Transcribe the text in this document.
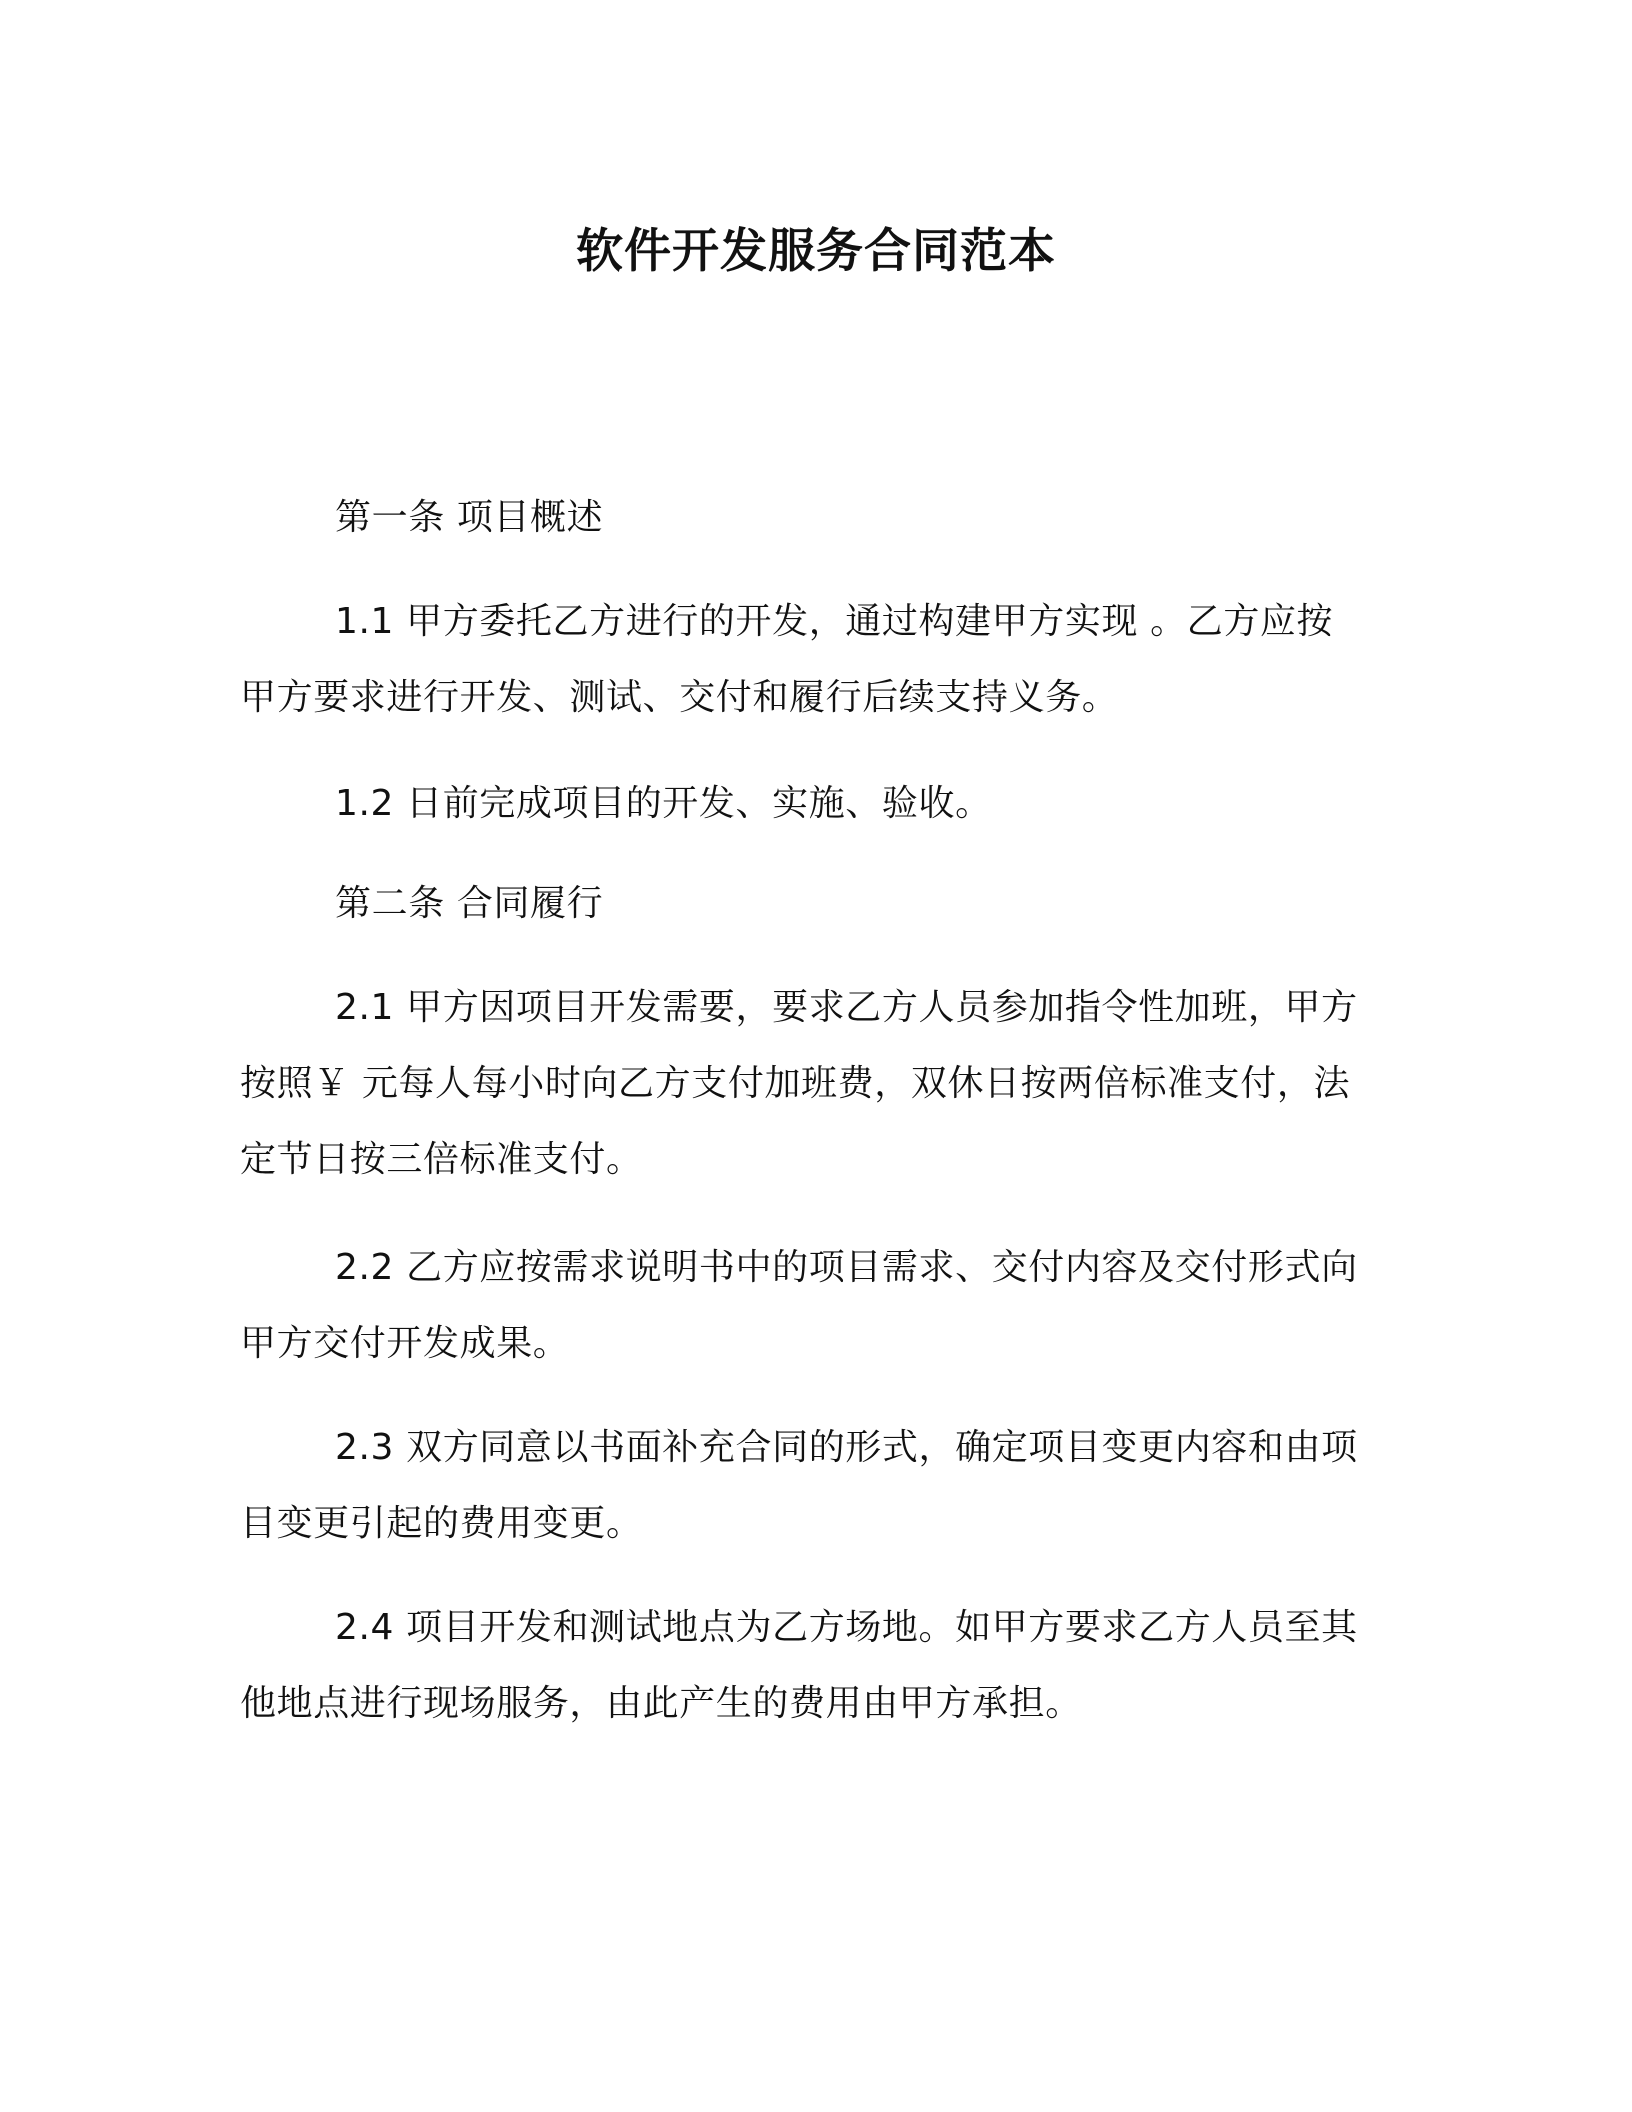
软件开发服务合同范本

第一条 项目概述

1.1 甲方委托乙方进行的开发，通过构建甲方实现 。乙方应按甲方要求进行开发、测试、交付和履行后续支持义务。

1.2 日前完成项目的开发、实施、验收。

第二条 合同履行

2.1 甲方因项目开发需要，要求乙方人员参加指令性加班，甲方按照￥ 元每人每小时向乙方支付加班费，双休日按两倍标准支付，法定节日按三倍标准支付。

2.2 乙方应按需求说明书中的项目需求、交付内容及交付形式向甲方交付开发成果。

2.3 双方同意以书面补充合同的形式，确定项目变更内容和由项目变更引起的费用变更。

2.4 项目开发和测试地点为乙方场地。如甲方要求乙方人员至其他地点进行现场服务，由此产生的费用由甲方承担。
